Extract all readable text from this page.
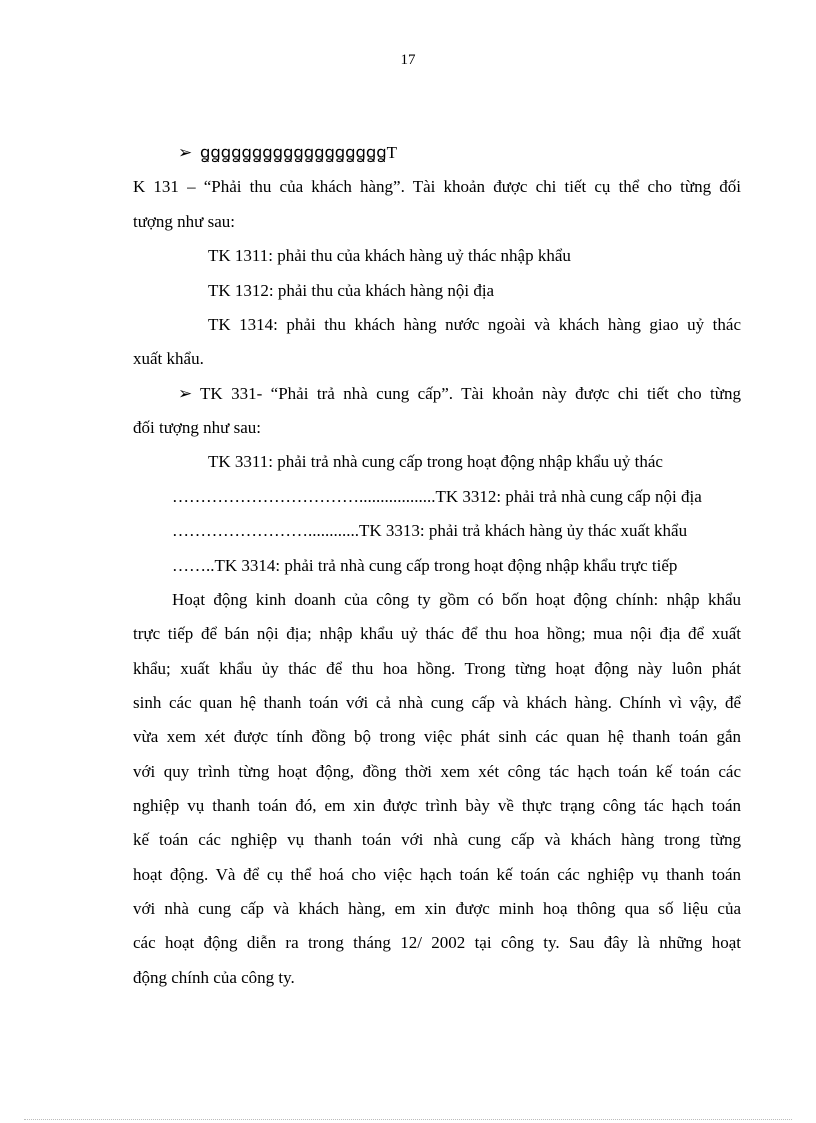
17
➢ ꬶꬶꬶꬶꬶꬶꬶꬶꬶꬶꬶꬶꬶꬶꬶꬶꬶꬶT
K 131 – “Phải thu của khách hàng”. Tài khoản được chi tiết cụ thể cho từng đối
tượng như sau:
TK 1311: phải thu của khách hàng uỷ thác nhập khẩu
TK 1312: phải thu của khách hàng nội địa
TK 1314: phải thu khách hàng nước ngoài và khách hàng giao uỷ thác
xuất khẩu.
➢ TK 331- “Phải trả nhà cung cấp”. Tài khoản này được chi tiết cho từng
đối tượng như sau:
TK 3311: phải trả nhà cung cấp trong hoạt động nhập khẩu uỷ thác
……………………………..................TK 3312: phải trả nhà cung cấp nội địa
……………………............TK 3313: phải trả khách hàng ủy thác xuất khẩu
……..TK 3314: phải trả nhà cung cấp trong hoạt động nhập khẩu trực tiếp
Hoạt động kinh doanh của công ty gồm có bốn hoạt động chính: nhập khẩu
trực tiếp để bán nội địa; nhập khẩu uỷ thác để thu hoa hồng; mua nội địa để xuất
khẩu; xuất khẩu ủy thác để thu hoa hồng. Trong từng hoạt động này luôn phát
sinh các quan hệ thanh toán với cả nhà cung cấp và khách hàng. Chính vì vậy, để
vừa xem xét được tính đồng bộ trong việc phát sinh các quan hệ thanh toán gắn
với quy trình từng hoạt động, đồng thời xem xét công tác hạch toán kế toán các
nghiệp vụ thanh toán đó, em xin được trình bày về thực trạng công tác hạch toán
kế toán các nghiệp vụ thanh toán với nhà cung cấp và khách hàng trong từng
hoạt động. Và để cụ thể hoá cho việc hạch toán kế toán các nghiệp vụ thanh toán
với nhà cung cấp và khách hàng, em xin được minh hoạ thông qua số liệu của
các hoạt động diễn ra trong tháng 12/ 2002 tại công ty. Sau đây là những hoạt
động chính của công ty.
